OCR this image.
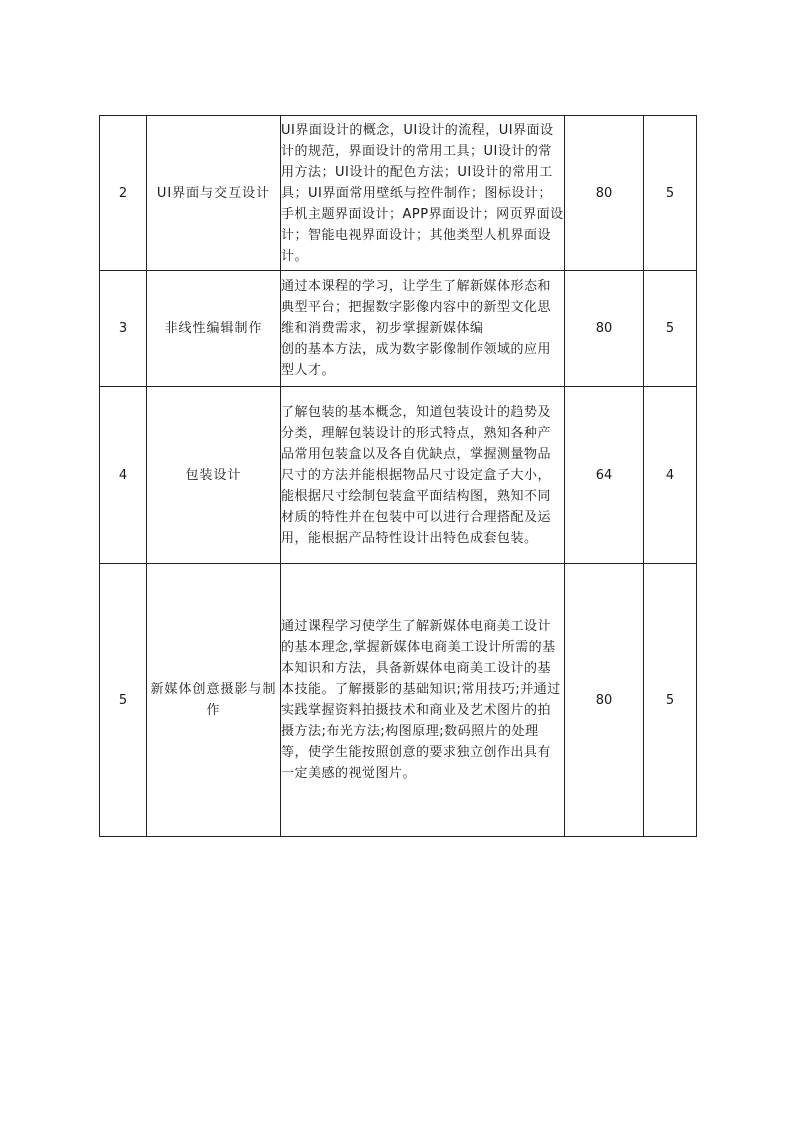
2	UI界面与交互设计	UI界面设计的概念，UI设计的流程，UI界面设计的规范，界面设计的常用工具；UI设计的常用方法；UI设计的配色方法；UI设计的常用工具；UI界面常用壁纸与控件制作；图标设计；手机主题界面设计；APP界面设计；网页界面设计；智能电视界面设计；其他类型人机界面设计。	80	5
3	非线性编辑制作	通过本课程的学习，让学生了解新媒体形态和典型平台；把握数字影像内容中的新型文化思维和消费需求，初步掌握新媒体编
创的基本方法，成为数字影像制作领域的应用型人才。	80	5
4	包装设计	了解包装的基本概念，知道包装设计的趋势及分类，理解包装设计的形式特点，熟知各种产品常用包装盒以及各自优缺点，掌握测量物品尺寸的方法并能根据物品尺寸设定盒子大小，能根据尺寸绘制包装盒平面结构图，熟知不同材质的特性并在包装中可以进行合理搭配及运用，能根据产品特性设计出特色成套包装。	64	4
5	新媒体创意摄影与制作	通过课程学习使学生了解新媒体电商美工设计的基本理念,掌握新媒体电商美工设计所需的基本知识和方法，具备新媒体电商美工设计的基本技能。了解摄影的基础知识;常用技巧;并通过实践掌握资料拍摄技术和商业及艺术图片的拍摄方法;布光方法;构图原理;数码照片的处理等，使学生能按照创意的要求独立创作出具有一定美感的视觉图片。	80	5
